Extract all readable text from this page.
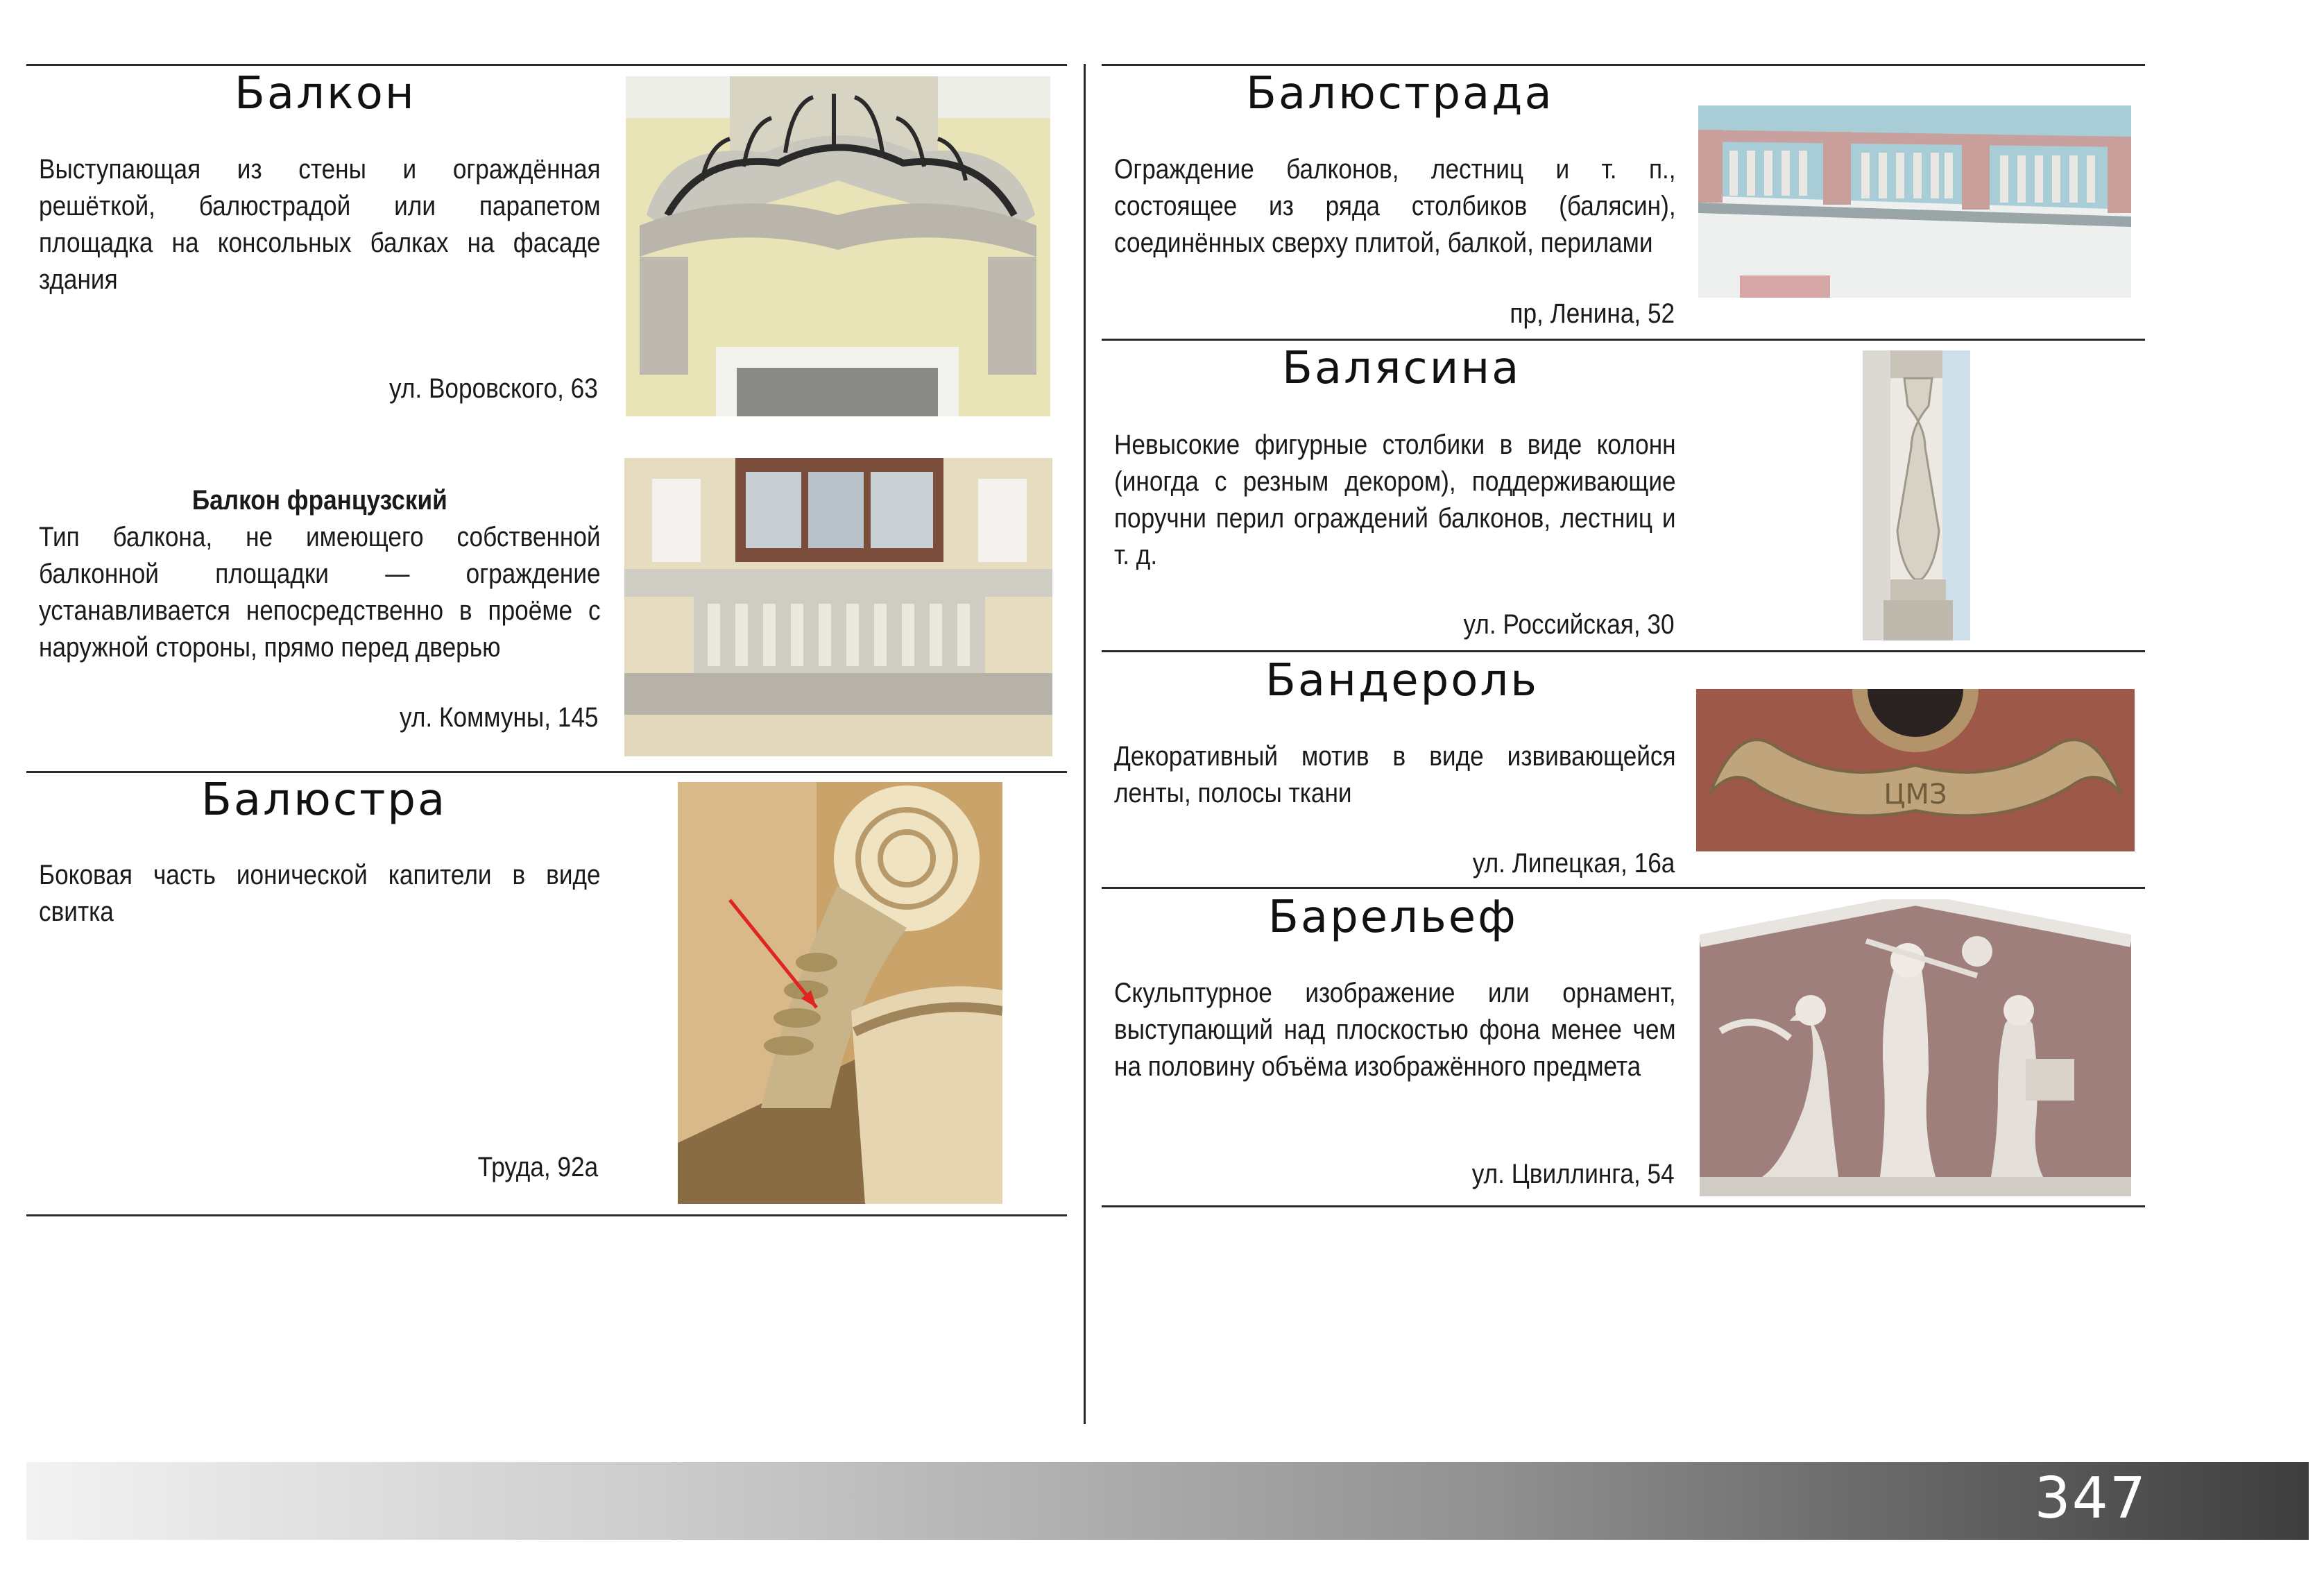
Балкон

Выступающая из стены и ограждённая решёткой, балюстрадой или парапетом площадка на консольных балках на фасаде здания

ул. Воровского, 63

Балкон французский
Тип балкона, не имеющего собственной балконной площадки — ограждение устанавливается непосредственно в проёме с наружной стороны, прямо перед дверью

ул. Коммуны, 145
Балюстра

Боковая часть ионической капители в виде свитка

Труда, 92а
Балюстрада

Ограждение балконов, лестниц и т. п., состоящее из ряда столбиков (балясин), соединённых сверху плитой, балкой, перилами

пр, Ленина, 52
Балясина

Невысокие фигурные столбики в виде колонн (иногда с резным декором), поддерживающие поручни перил ограждений балконов, лестниц и т. д.

ул. Российская, 30
Бандероль

Декоративный мотив в виде извивающейся ленты, полосы ткани

ул. Липецкая, 16а
ЦМЗ
Барельеф

Скульптурное изображение или орнамент, выступающий над плоскостью фона менее чем на половину объёма изображённого предмета

ул. Цвиллинга, 54
347
